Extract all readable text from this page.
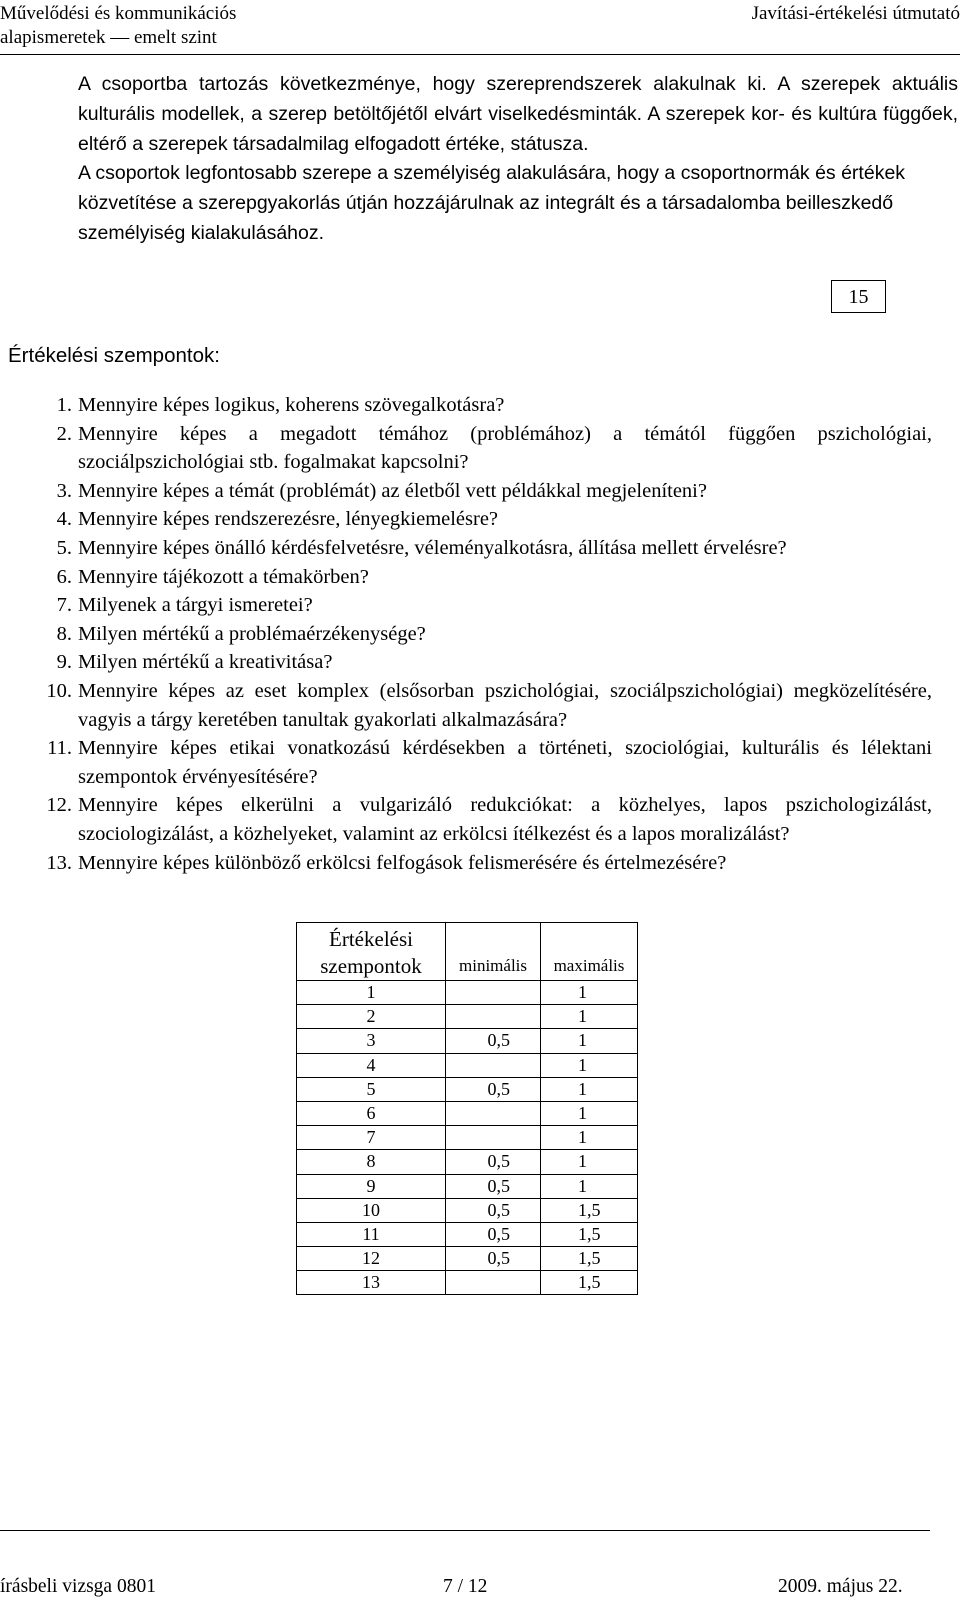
Művelődési és kommunikációs
alapismeretek — emelt szint
Javítási-értékelési útmutató

A csoportba tartozás következménye, hogy szereprendszerek alakulnak ki. A szerepek aktuális kulturális modellek, a szerep betöltőjétől elvárt viselkedésminták. A szerepek kor- és kultúra függőek, eltérő a szerepek társadalmilag elfogadott értéke, státusza.

A csoportok legfontosabb szerepe a személyiség alakulására, hogy a csoportnormák és értékek közvetítése a szerepgyakorlás útján hozzájárulnak az integrált és a társadalomba beilleszkedő személyiség kialakulásához.

15
Értékelési szempontok:
1. Mennyire képes logikus, koherens szövegalkotásra?
2. Mennyire képes a megadott témához (problémához) a témától függően pszichológiai, szociálpszichológiai stb. fogalmakat kapcsolni?
3. Mennyire képes a témát (problémát) az életből vett példákkal megjeleníteni?
4. Mennyire képes rendszerezésre, lényegkiemelésre?
5. Mennyire képes önálló kérdésfelvetésre, véleményalkotásra, állítása mellett érvelésre?
6. Mennyire tájékozott a témakörben?
7. Milyenek a tárgyi ismeretei?
8. Milyen mértékű a problémaérzékenysége?
9. Milyen mértékű a kreativitása?
10. Mennyire képes az eset komplex (elsősorban pszichológiai, szociálpszichológiai) megközelítésére, vagyis a tárgy keretében tanultak gyakorlati alkalmazására?
11. Mennyire képes etikai vonatkozású kérdésekben a történeti, szociológiai, kulturális és lélektani szempontok érvényesítésére?
12. Mennyire képes elkerülni a vulgarizáló redukciókat: a közhelyes, lapos pszichologizálást, szociologizálást, a közhelyeket, valamint az erkölcsi ítélkezést és a lapos moralizálást?
13. Mennyire képes különböző erkölcsi felfogások felismerésére és értelmezésére?
Értékelési szempontok	minimális	maximális
1		1
2		1
3	0,5	1
4		1
5	0,5	1
6		1
7		1
8	0,5	1
9	0,5	1
10	0,5	1,5
11	0,5	1,5
12	0,5	1,5
13		1,5
írásbeli vizsga 0801	7 / 12	2009. május 22.
